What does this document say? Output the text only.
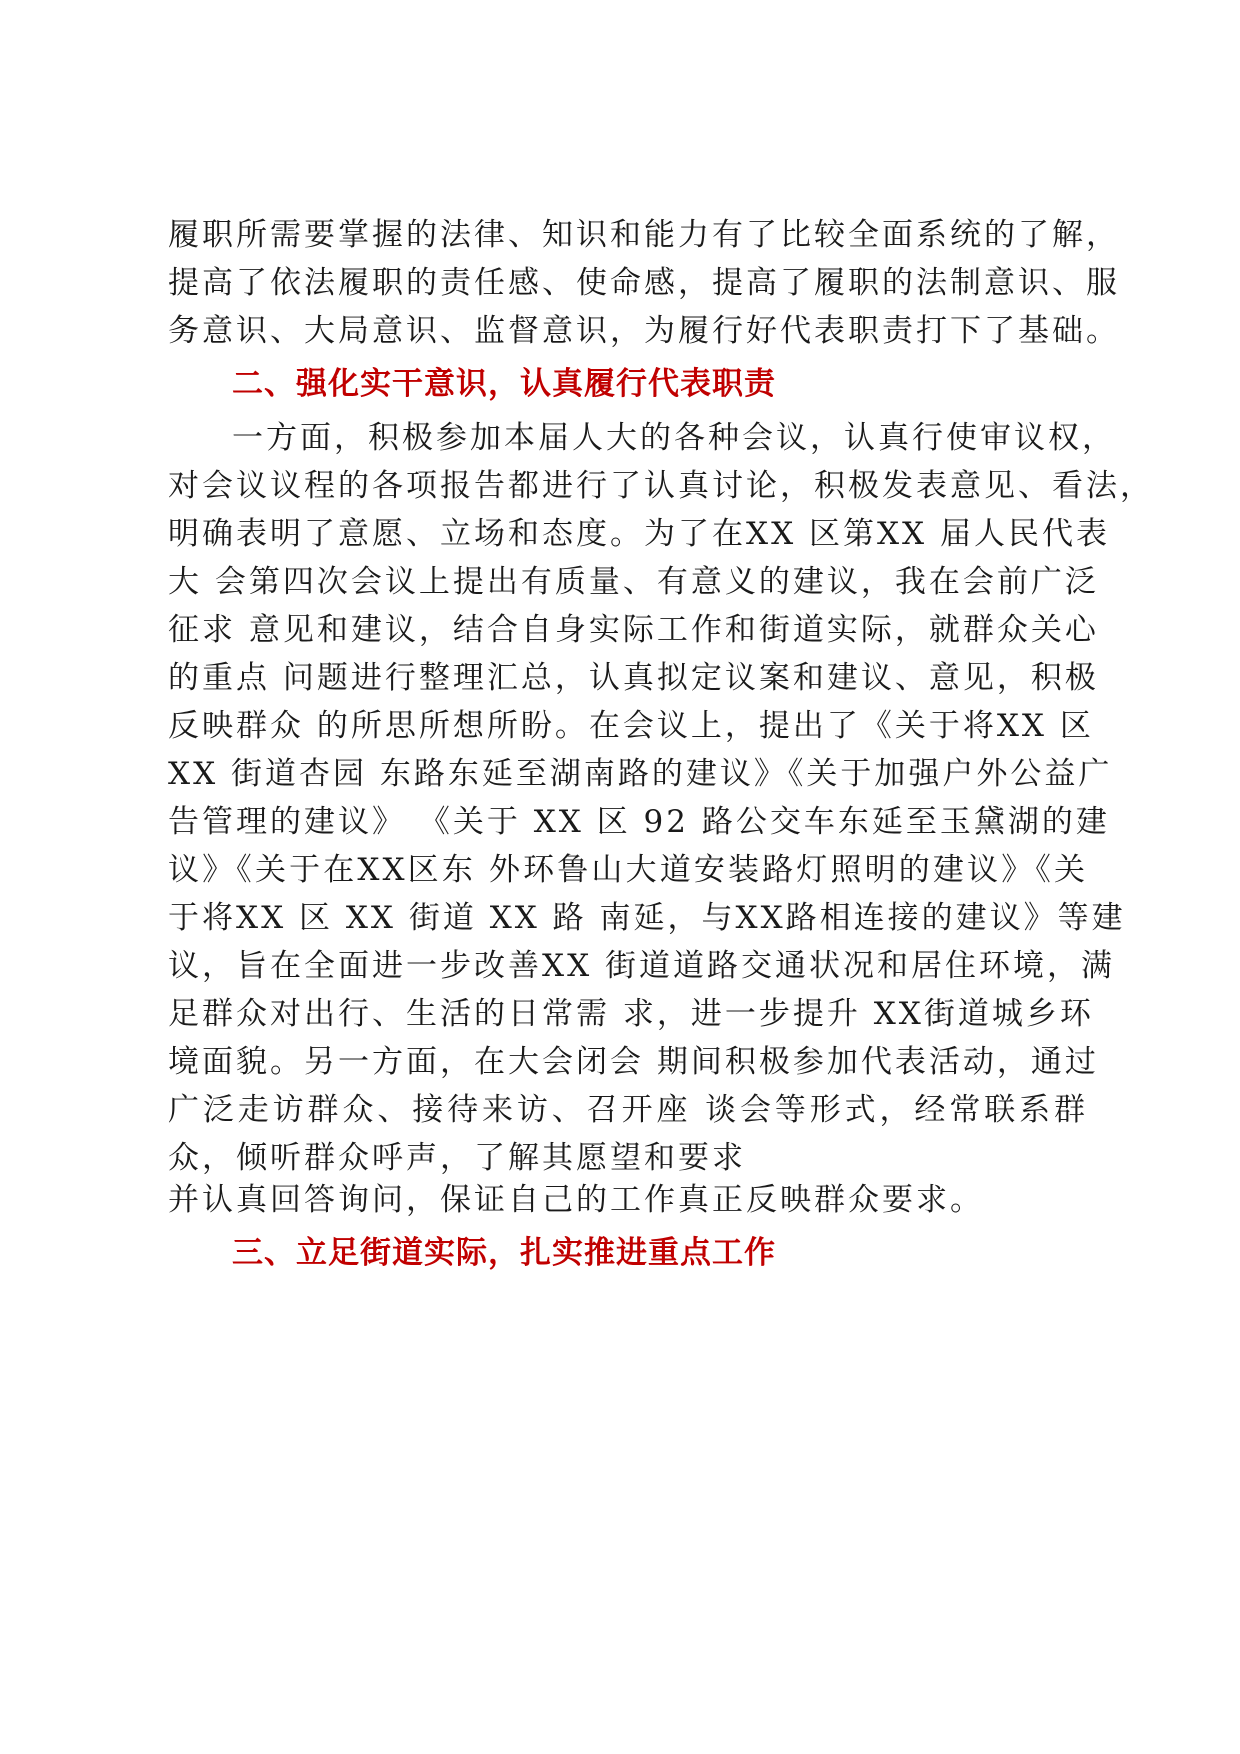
履职所需要掌握的法律、知识和能力有了比较全面系统的了解，
提高了依法履职的责任感、使命感，提高了履职的法制意识、服
务意识、大局意识、监督意识，为履行好代表职责打下了基础。
二、强化实干意识，认真履行代表职责
一方面，积极参加本届人大的各种会议，认真行使审议权，
对会议议程的各项报告都进行了认真讨论，积极发表意见、看法，
明确表明了意愿、立场和态度。为了在XX 区第XX 届人民代表
大 会第四次会议上提出有质量、有意义的建议，我在会前广泛
征求 意见和建议，结合自身实际工作和街道实际，就群众关心
的重点 问题进行整理汇总，认真拟定议案和建议、意见，积极
反映群众 的所思所想所盼。在会议上，提出了《关于将XX 区
XX 街道杏园 东路东延至湖南路的建议》《关于加强户外公益广
告管理的建议》 《关于 XX 区 92 路公交车东延至玉黛湖的建
议》《关于在XX区东 外环鲁山大道安装路灯照明的建议》《关
于将XX 区 XX 街道 XX 路 南延，与XX路相连接的建议》等建
议，旨在全面进一步改善XX 街道道路交通状况和居住环境，满
足群众对出行、生活的日常需 求，进一步提升 XX街道城乡环
境面貌。另一方面，在大会闭会 期间积极参加代表活动，通过
广泛走访群众、接待来访、召开座 谈会等形式，经常联系群
众，倾听群众呼声，了解其愿望和要求
并认真回答询问，保证自己的工作真正反映群众要求。
三、立足街道实际，扎实推进重点工作
